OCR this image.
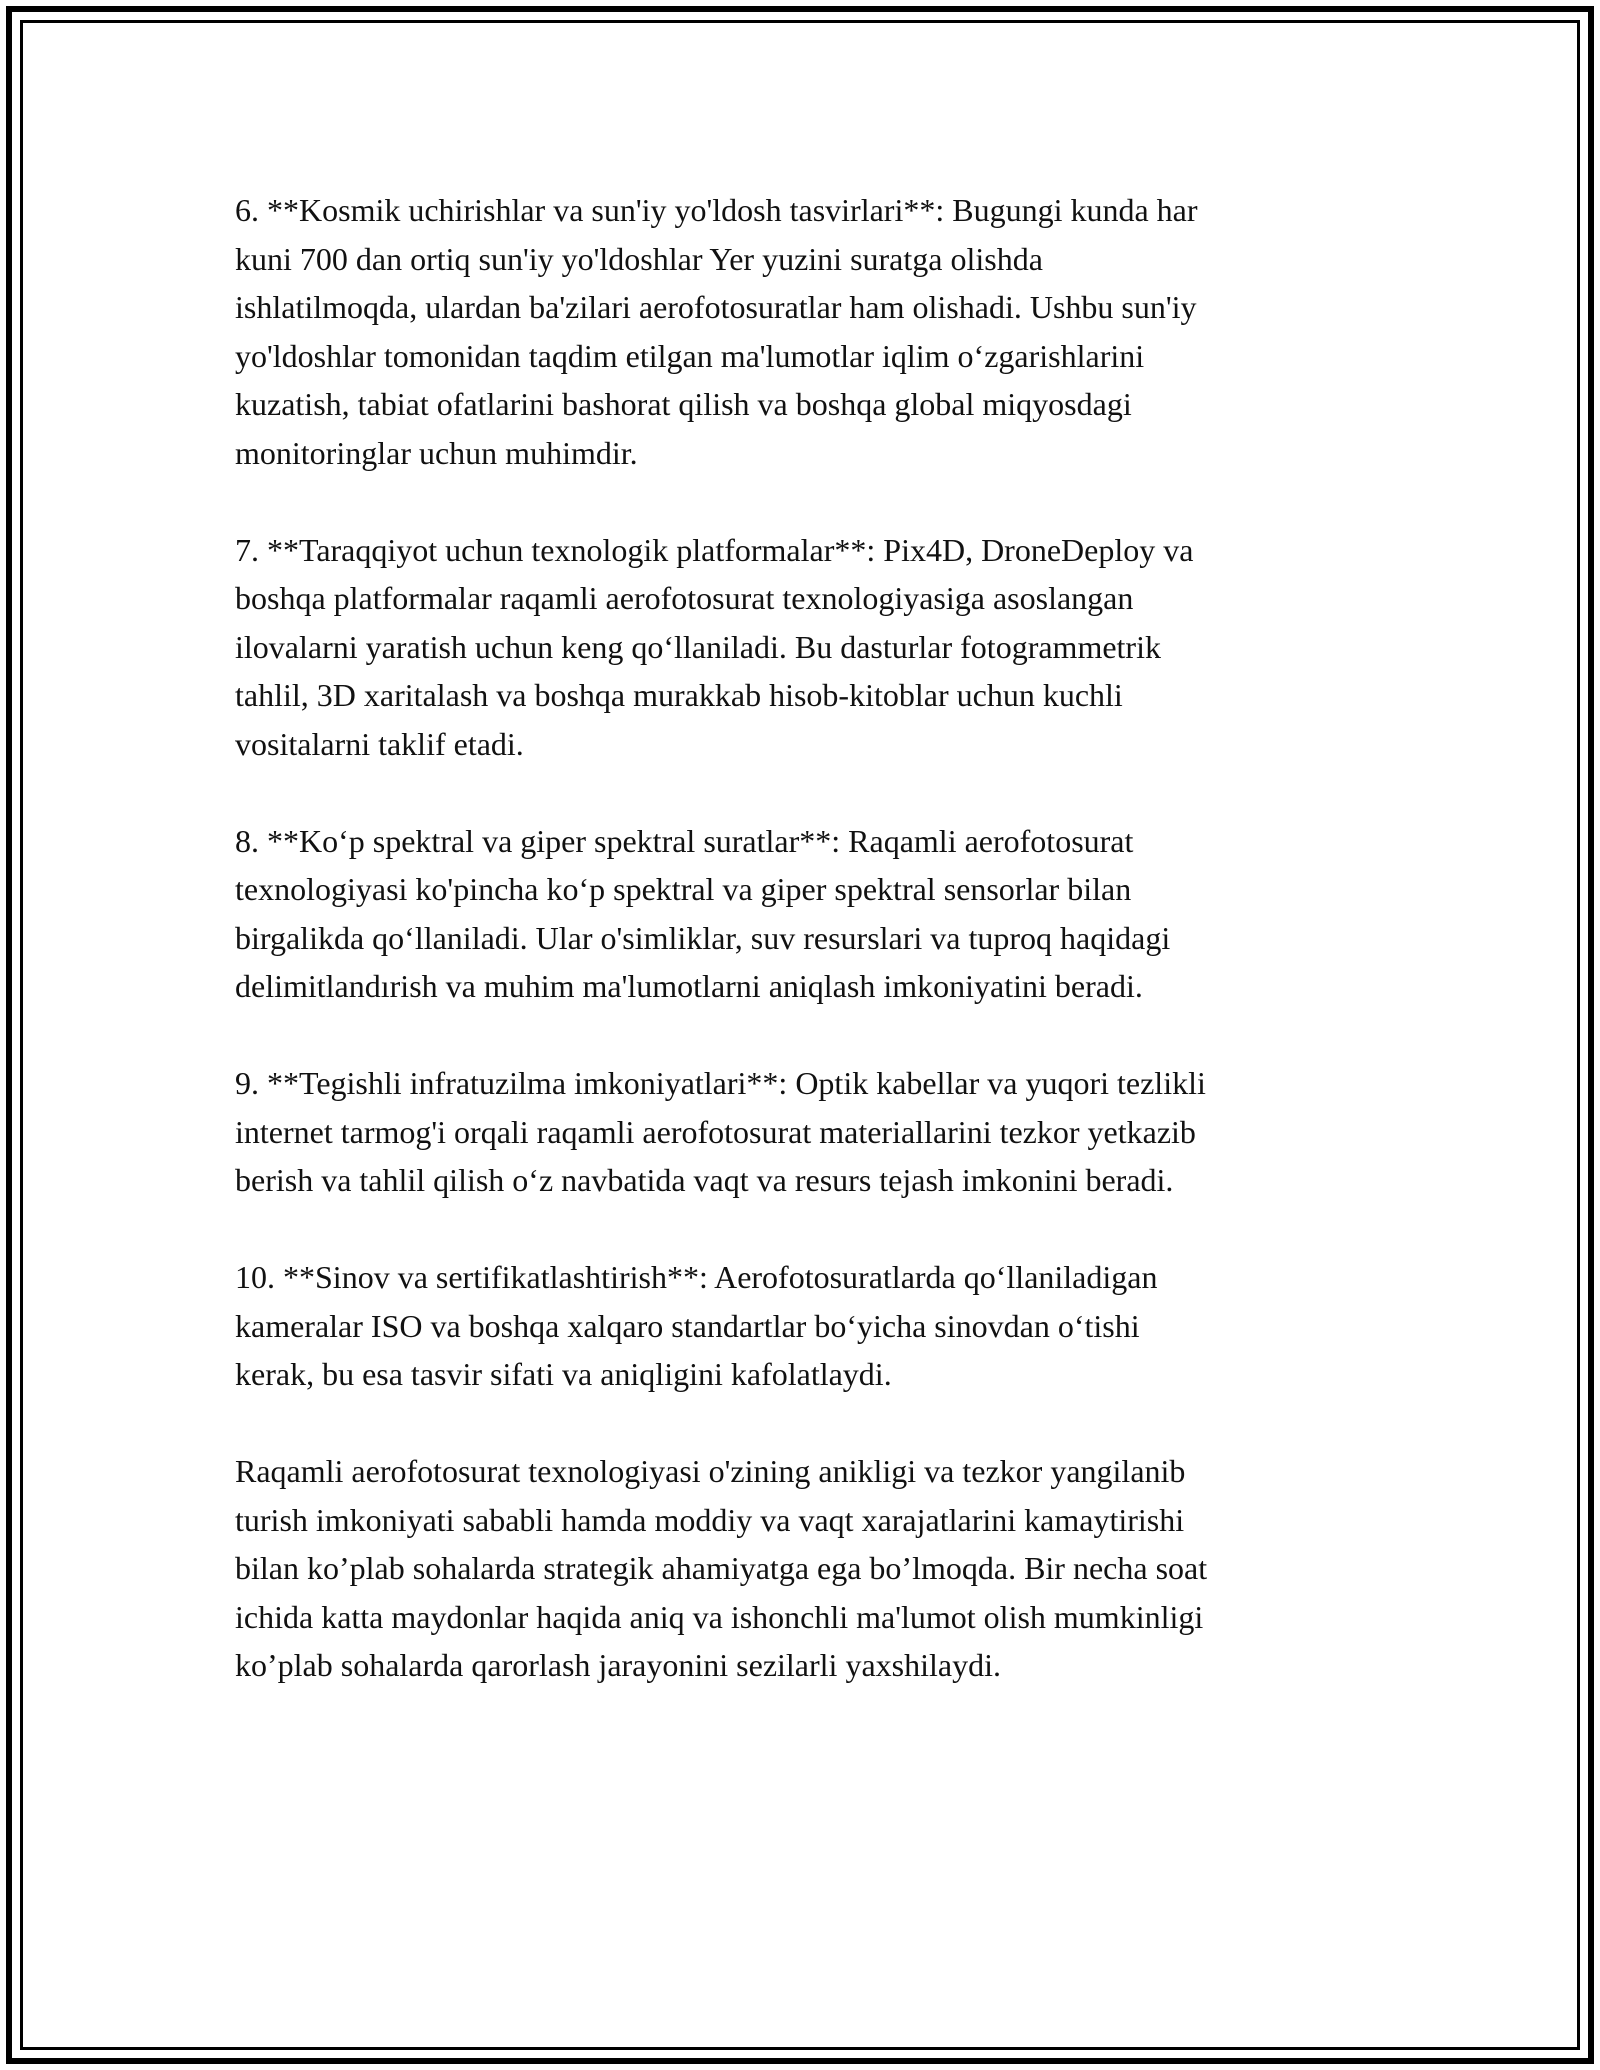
6. **Kosmik uchirishlar va sun'iy yo'ldosh tasvirlari**: Bugungi kunda har
kuni 700 dan ortiq sun'iy yo'ldoshlar Yer yuzini suratga olishda
ishlatilmoqda, ulardan ba'zilari aerofotosuratlar ham olishadi. Ushbu sun'iy
yo'ldoshlar tomonidan taqdim etilgan ma'lumotlar iqlim o‘zgarishlarini
kuzatish, tabiat ofatlarini bashorat qilish va boshqa global miqyosdagi
monitoringlar uchun muhimdir.

7. **Taraqqiyot uchun texnologik platformalar**: Pix4D, DroneDeploy va
boshqa platformalar raqamli aerofotosurat texnologiyasiga asoslangan
ilovalarni yaratish uchun keng qo‘llaniladi. Bu dasturlar fotogrammetrik
tahlil, 3D xaritalash va boshqa murakkab hisob-kitoblar uchun kuchli
vositalarni taklif etadi.

8. **Ko‘p spektral va giper spektral suratlar**: Raqamli aerofotosurat
texnologiyasi ko'pincha ko‘p spektral va giper spektral sensorlar bilan
birgalikda qo‘llaniladi. Ular o'simliklar, suv resurslari va tuproq haqidagi
delimitlandırish va muhim ma'lumotlarni aniqlash imkoniyatini beradi.

9. **Tegishli infratuzilma imkoniyatlari**: Optik kabellar va yuqori tezlikli
internet tarmog'i orqali raqamli aerofotosurat materiallarini tezkor yetkazib
berish va tahlil qilish o‘z navbatida vaqt va resurs tejash imkonini beradi.

10. **Sinov va sertifikatlashtirish**: Aerofotosuratlarda qo‘llaniladigan
kameralar ISO va boshqa xalqaro standartlar bo‘yicha sinovdan o‘tishi
kerak, bu esa tasvir sifati va aniqligini kafolatlaydi.

Raqamli aerofotosurat texnologiyasi o'zining anikligi va tezkor yangilanib
turish imkoniyati sababli hamda moddiy va vaqt xarajatlarini kamaytirishi
bilan ko’plab sohalarda strategik ahamiyatga ega bo’lmoqda. Bir necha soat
ichida katta maydonlar haqida aniq va ishonchli ma'lumot olish mumkinligi
ko’plab sohalarda qarorlash jarayonini sezilarli yaxshilaydi.
